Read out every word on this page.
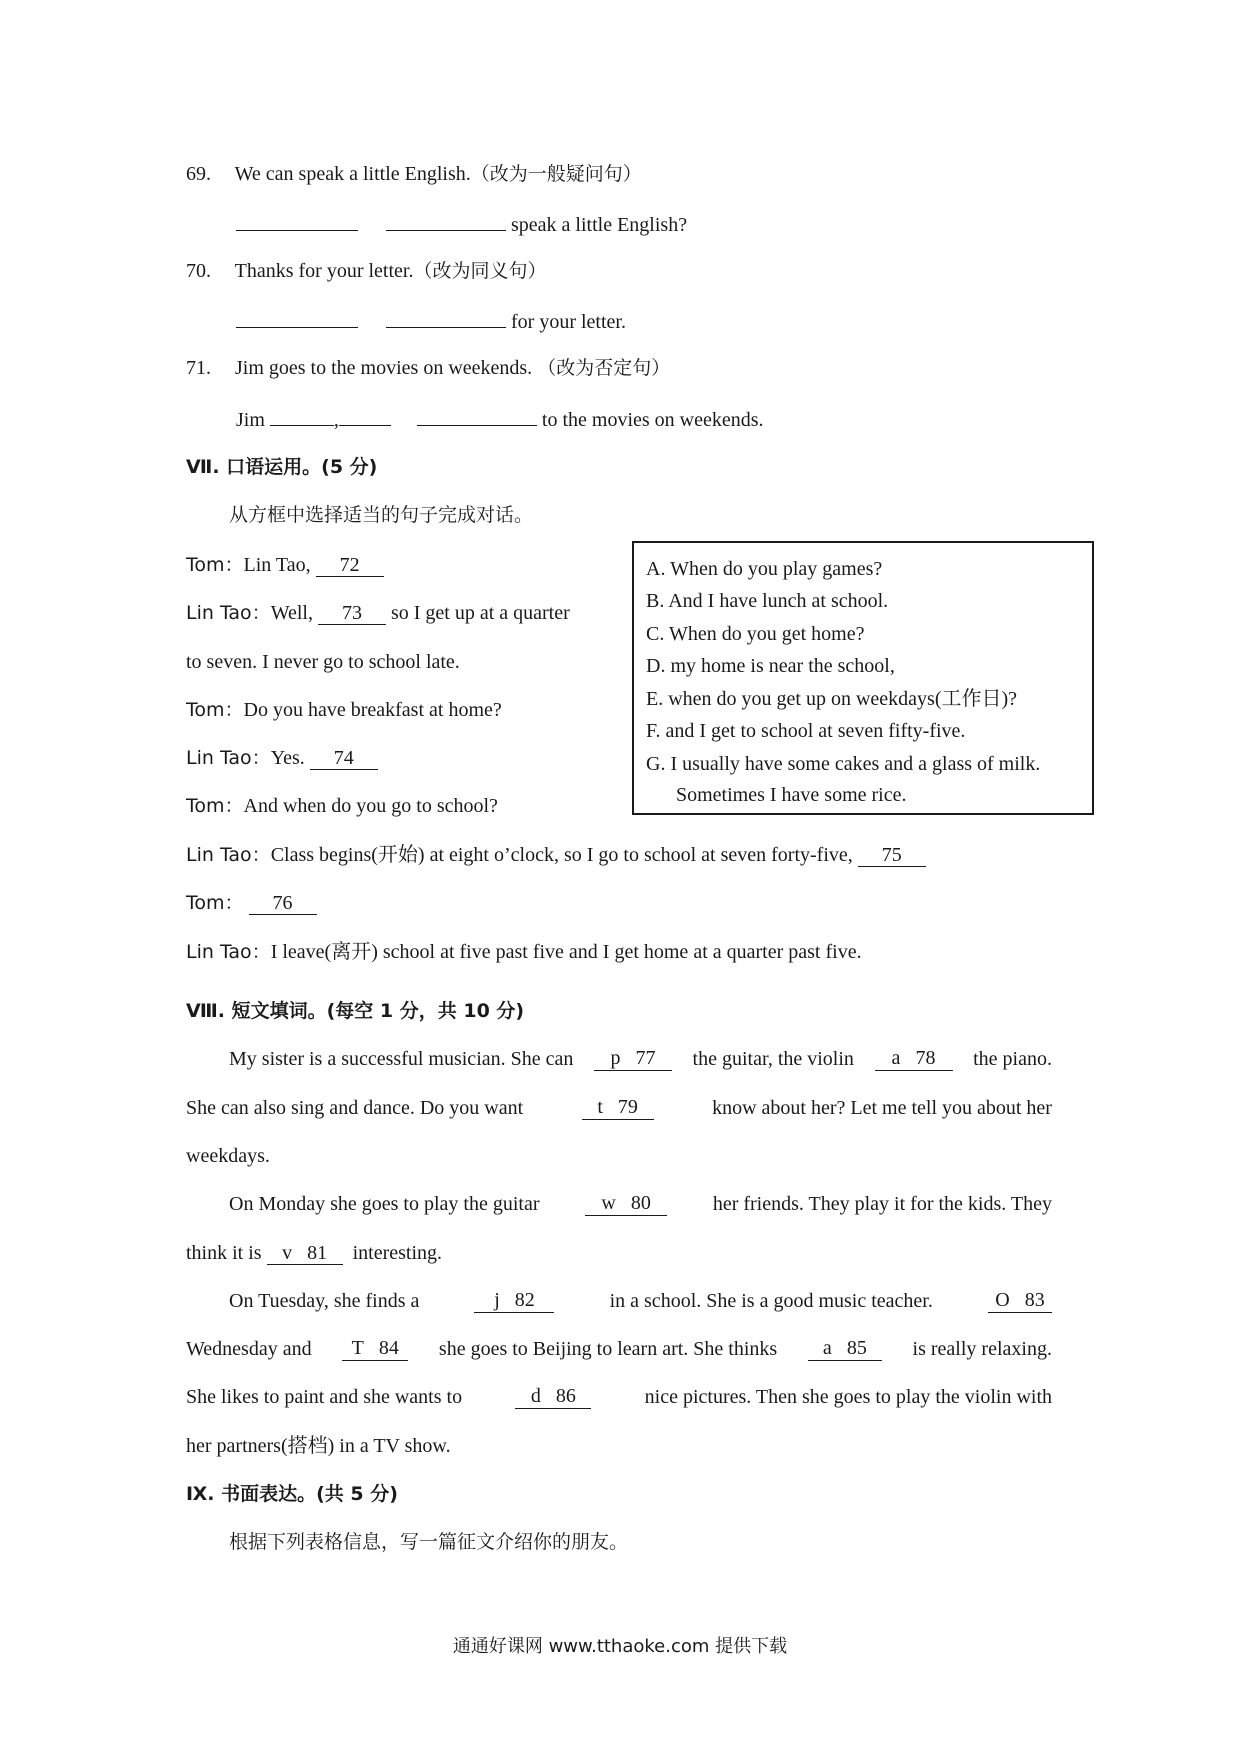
69. We can speak a little English.（改为一般疑问句）
speak a little English?
70. Thanks for your letter.（改为同义句）
for your letter.
71. Jim goes to the movies on weekends. （改为否定句）
Jim	,	to the movies on weekends.
Ⅶ. 口语运用。(5 分)
从方框中选择适当的句子完成对话。
Tom：Lin Tao, 72
Lin Tao：Well, 73 so I get up at a quarter
to seven. I never go to school late.
Tom：Do you have breakfast at home?
Lin Tao：Yes. 74
Tom：And when do you go to school?
Lin Tao：Class begins(开始) at eight o’clock, so I go to school at seven forty-five, 75
Tom： 76
Lin Tao：I leave(离开) school at five past five and I get home at a quarter past five.
A. When do you play games?
B. And I have lunch at school.
C. When do you get home?
D. my home is near the school,
E. when do you get up on weekdays(工作日)?
F. and I get to school at seven fifty-five.
G. I usually have some cakes and a glass of milk.
Sometimes I have some rice.
Ⅷ. 短文填词。(每空 1 分，共 10 分)
My sister is a successful musician. She can	p 77	the guitar, the violin	a 78	the piano.
She can also sing and dance. Do you want	t 79	know about her? Let me tell you about her
weekdays.
On Monday she goes to play the guitar	w 80	her friends. They play it for the kids. They
think it is v 81 interesting.
On Tuesday, she finds a	j 82	in a school. She is a good music teacher.	O 83
Wednesday and	T 84	she goes to Beijing to learn art. She thinks	a 85	is really relaxing.
She likes to paint and she wants to	d 86	nice pictures. Then she goes to play the violin with
her partners(搭档) in a TV show.
Ⅸ. 书面表达。(共 5 分)
根据下列表格信息，写一篇征文介绍你的朋友。
通通好课网 www.tthaoke.com 提供下载
